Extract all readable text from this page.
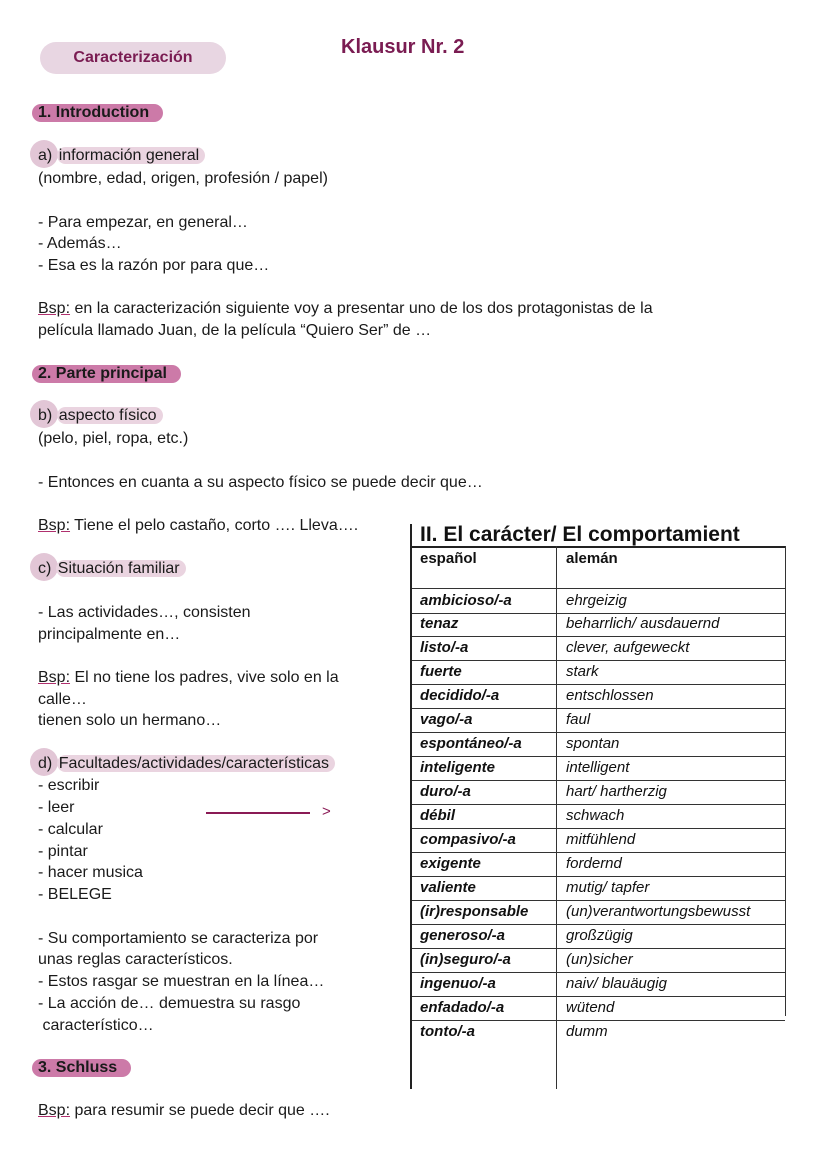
Caracterización	Klausur Nr. 2
1. Introduction
a) información general
(nombre, edad, origen, profesión / papel)
- Para empezar, en general…
- Además…
- Esa es la razón por para que…
Bsp: en la caracterización siguiente voy a presentar uno de los dos protagonistas de la
película llamado Juan, de la película “Quiero Ser” de …
2. Parte principal
b) aspecto físico
(pelo, piel, ropa, etc.)
- Entonces en cuanta a su aspecto físico se puede decir que…
Bsp: Tiene el pelo castaño, corto …. Lleva….
c) Situación familiar
- Las actividades…, consisten
principalmente en…
Bsp: El no tiene los padres, vive solo en la
calle…
tienen solo un hermano…
d) Facultades/actividades/características
- escribir
- leer
- calcular
- pintar
- hacer musica
- BELEGE
>
- Su comportamiento se caracteriza por
unas reglas característicos.
- Estos rasgar se muestran en la línea…
- La acción de… demuestra su rasgo
característico…
3. Schluss
Bsp: para resumir se puede decir que ….
II. El carácter/ El comportamient
español	alemán
ambicioso/-a	ehrgeizig
tenaz	beharrlich/ ausdauernd
listo/-a	clever, aufgeweckt
fuerte	stark
decidido/-a	entschlossen
vago/-a	faul
espontáneo/-a	spontan
inteligente	intelligent
duro/-a	hart/ hartherzig
débil	schwach
compasivo/-a	mitfühlend
exigente	fordernd
valiente	mutig/ tapfer
(ir)responsable	(un)verantwortungsbewusst
generoso/-a	großzügig
(in)seguro/-a	(un)sicher
ingenuo/-a	naiv/ blauäugig
enfadado/-a	wütend
tonto/-a	dumm
